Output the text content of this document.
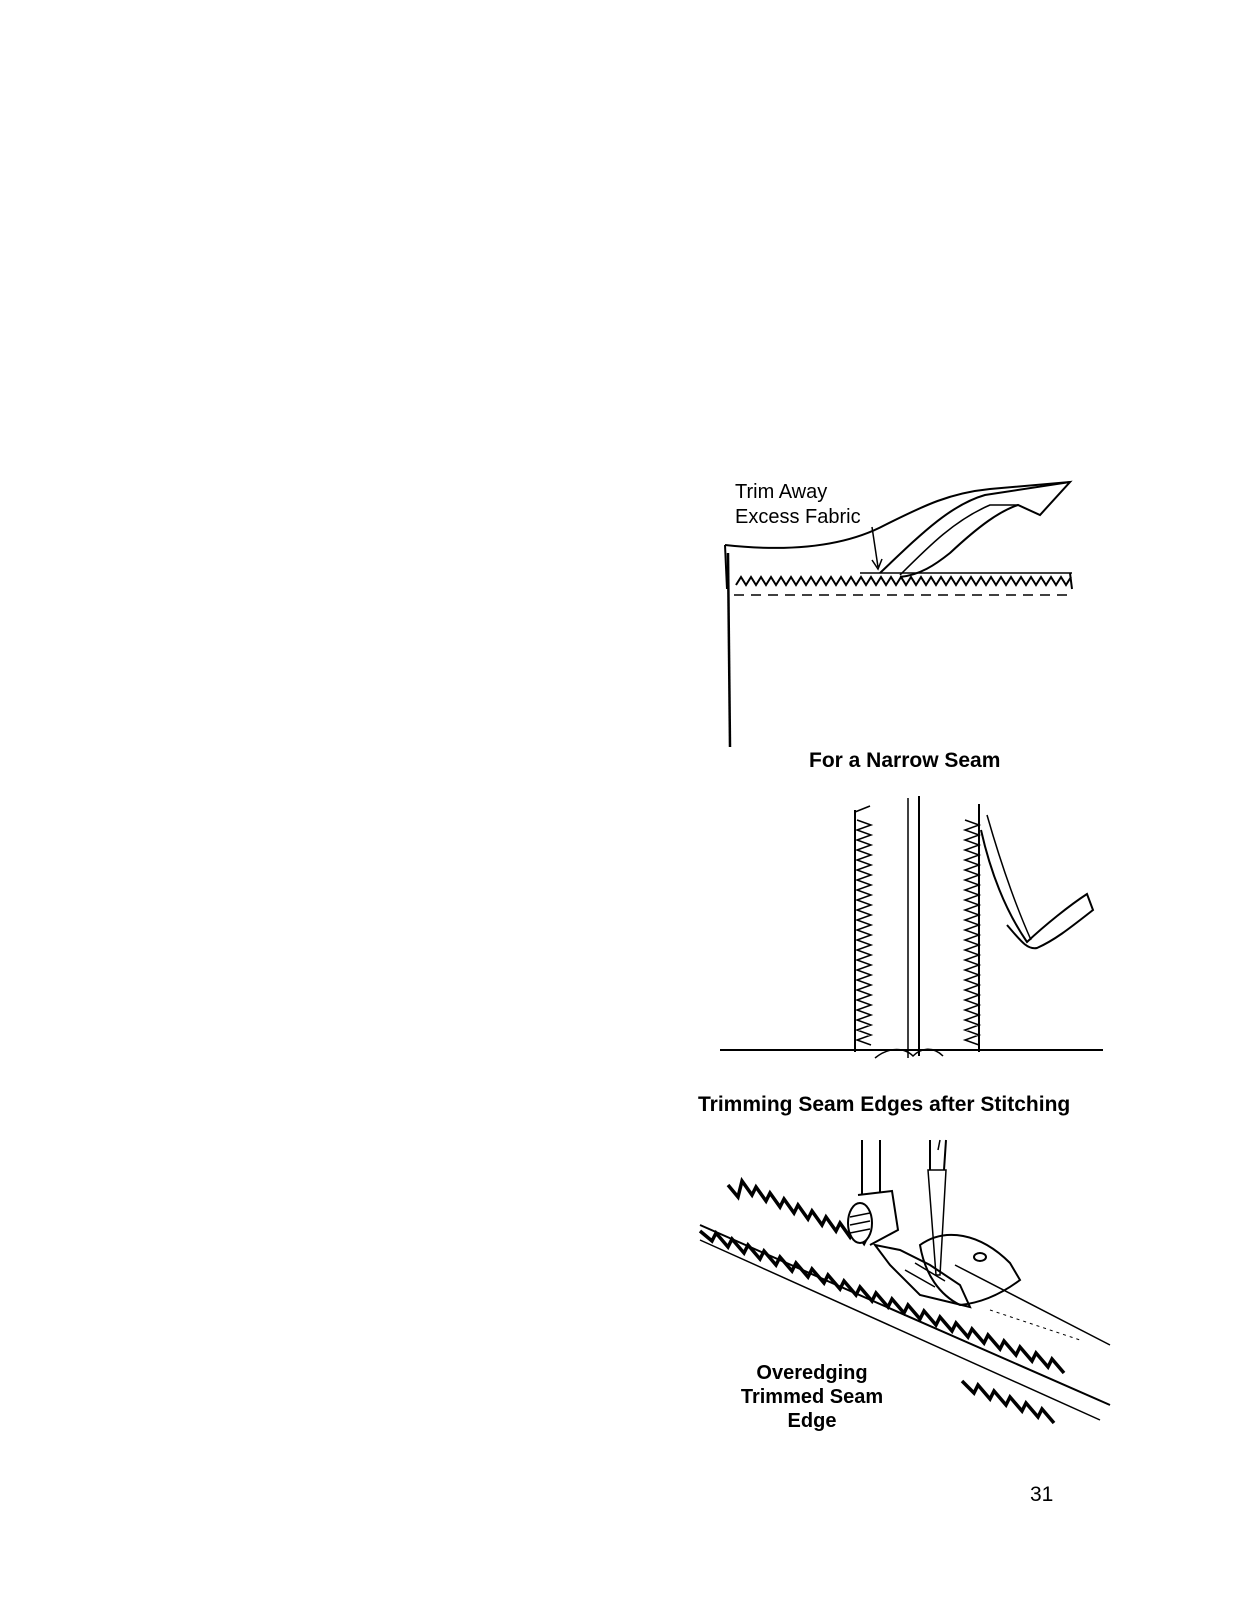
Trim Away
Excess Fabric
For a Narrow Seam
Trimming Seam Edges after Stitching
Overedging
Trimmed Seam
Edge
31
